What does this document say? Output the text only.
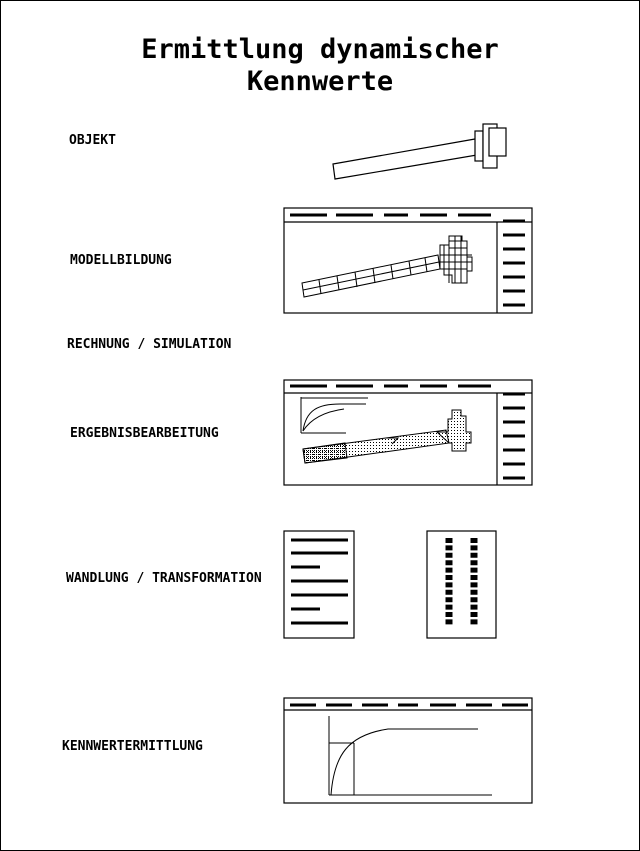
Ermittlung dynamischer
Kennwerte
OBJEKT
MODELLBILDUNG
RECHNUNG / SIMULATION
ERGEBNISBEARBEITUNG
WANDLUNG / TRANSFORMATION
KENNWERTERMITTLUNG
